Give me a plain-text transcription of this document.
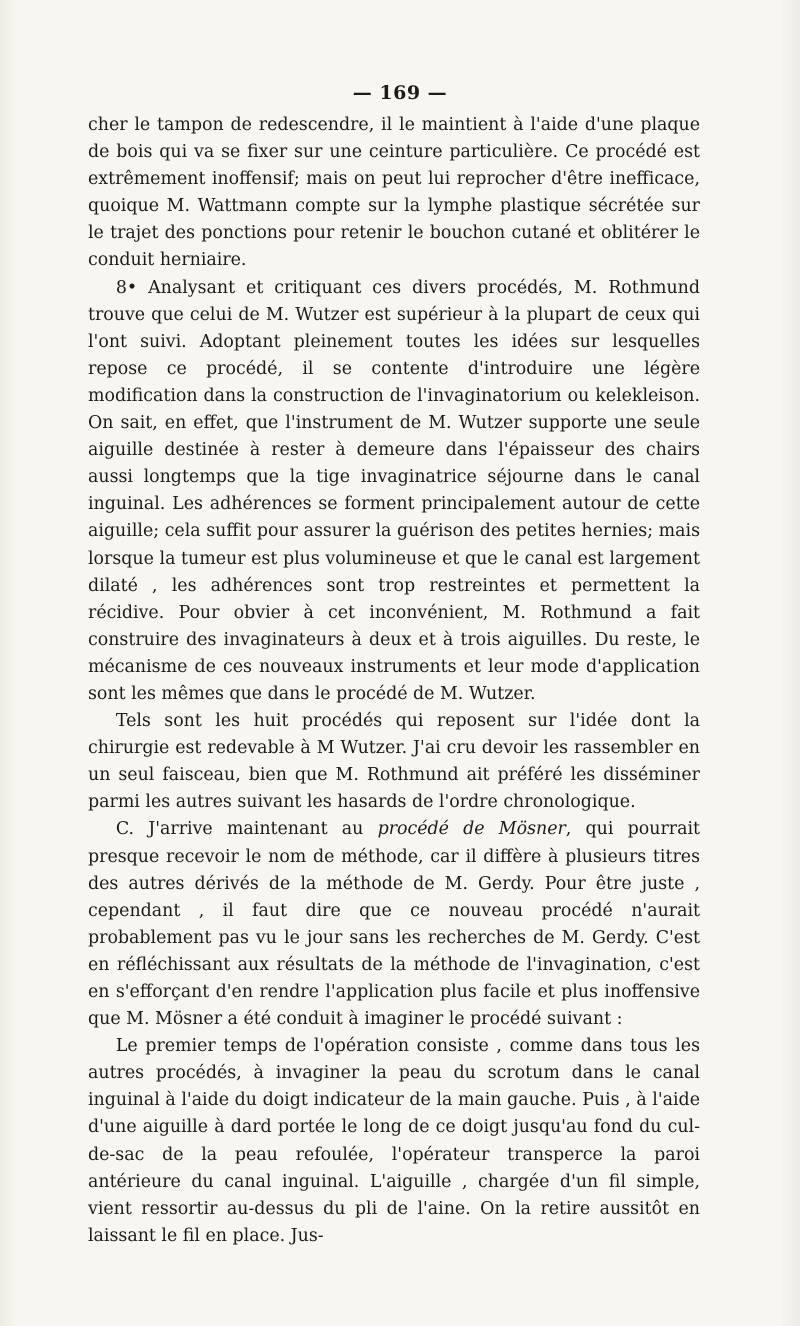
— 169 —

cher le tampon de redescendre, il le maintient à l'aide d'une plaque de bois qui va se fixer sur une ceinture particulière. Ce procédé est extrêmement inoffensif; mais on peut lui reprocher d'être inefficace, quoique M. Wattmann compte sur la lymphe plastique sécrétée sur le trajet des ponctions pour retenir le bouchon cutané et oblitérer le conduit herniaire.

8• Analysant et critiquant ces divers procédés, M. Rothmund trouve que celui de M. Wutzer est supérieur à la plupart de ceux qui l'ont suivi. Adoptant pleinement toutes les idées sur lesquelles repose ce procédé, il se contente d'introduire une légère modification dans la construction de l'invaginatorium ou kelekleison. On sait, en effet, que l'instrument de M. Wutzer supporte une seule aiguille destinée à rester à demeure dans l'épaisseur des chairs aussi longtemps que la tige invaginatrice séjourne dans le canal inguinal. Les adhérences se forment principalement autour de cette aiguille; cela suffit pour assurer la guérison des petites hernies; mais lorsque la tumeur est plus volumineuse et que le canal est largement dilaté , les adhérences sont trop restreintes et permettent la récidive. Pour obvier à cet inconvénient, M. Rothmund a fait construire des invaginateurs à deux et à trois aiguilles. Du reste, le mécanisme de ces nouveaux instruments et leur mode d'application sont les mêmes que dans le procédé de M. Wutzer.

Tels sont les huit procédés qui reposent sur l'idée dont la chirurgie est redevable à M Wutzer. J'ai cru devoir les rassembler en un seul faisceau, bien que M. Rothmund ait préféré les disséminer parmi les autres suivant les hasards de l'ordre chronologique.

C. J'arrive maintenant au procédé de Mösner, qui pourrait presque recevoir le nom de méthode, car il diffère à plusieurs titres des autres dérivés de la méthode de M. Gerdy. Pour être juste , cependant , il faut dire que ce nouveau procédé n'aurait probablement pas vu le jour sans les recherches de M. Gerdy. C'est en réfléchissant aux résultats de la méthode de l'invagination, c'est en s'efforçant d'en rendre l'application plus facile et plus inoffensive que M. Mösner a été conduit à imaginer le procédé suivant :

Le premier temps de l'opération consiste , comme dans tous les autres procédés, à invaginer la peau du scrotum dans le canal inguinal à l'aide du doigt indicateur de la main gauche. Puis , à l'aide d'une aiguille à dard portée le long de ce doigt jusqu'au fond du cul-de-sac de la peau refoulée, l'opérateur transperce la paroi antérieure du canal inguinal. L'aiguille , chargée d'un fil simple, vient ressortir au-dessus du pli de l'aine. On la retire aussitôt en laissant le fil en place. Jus-
